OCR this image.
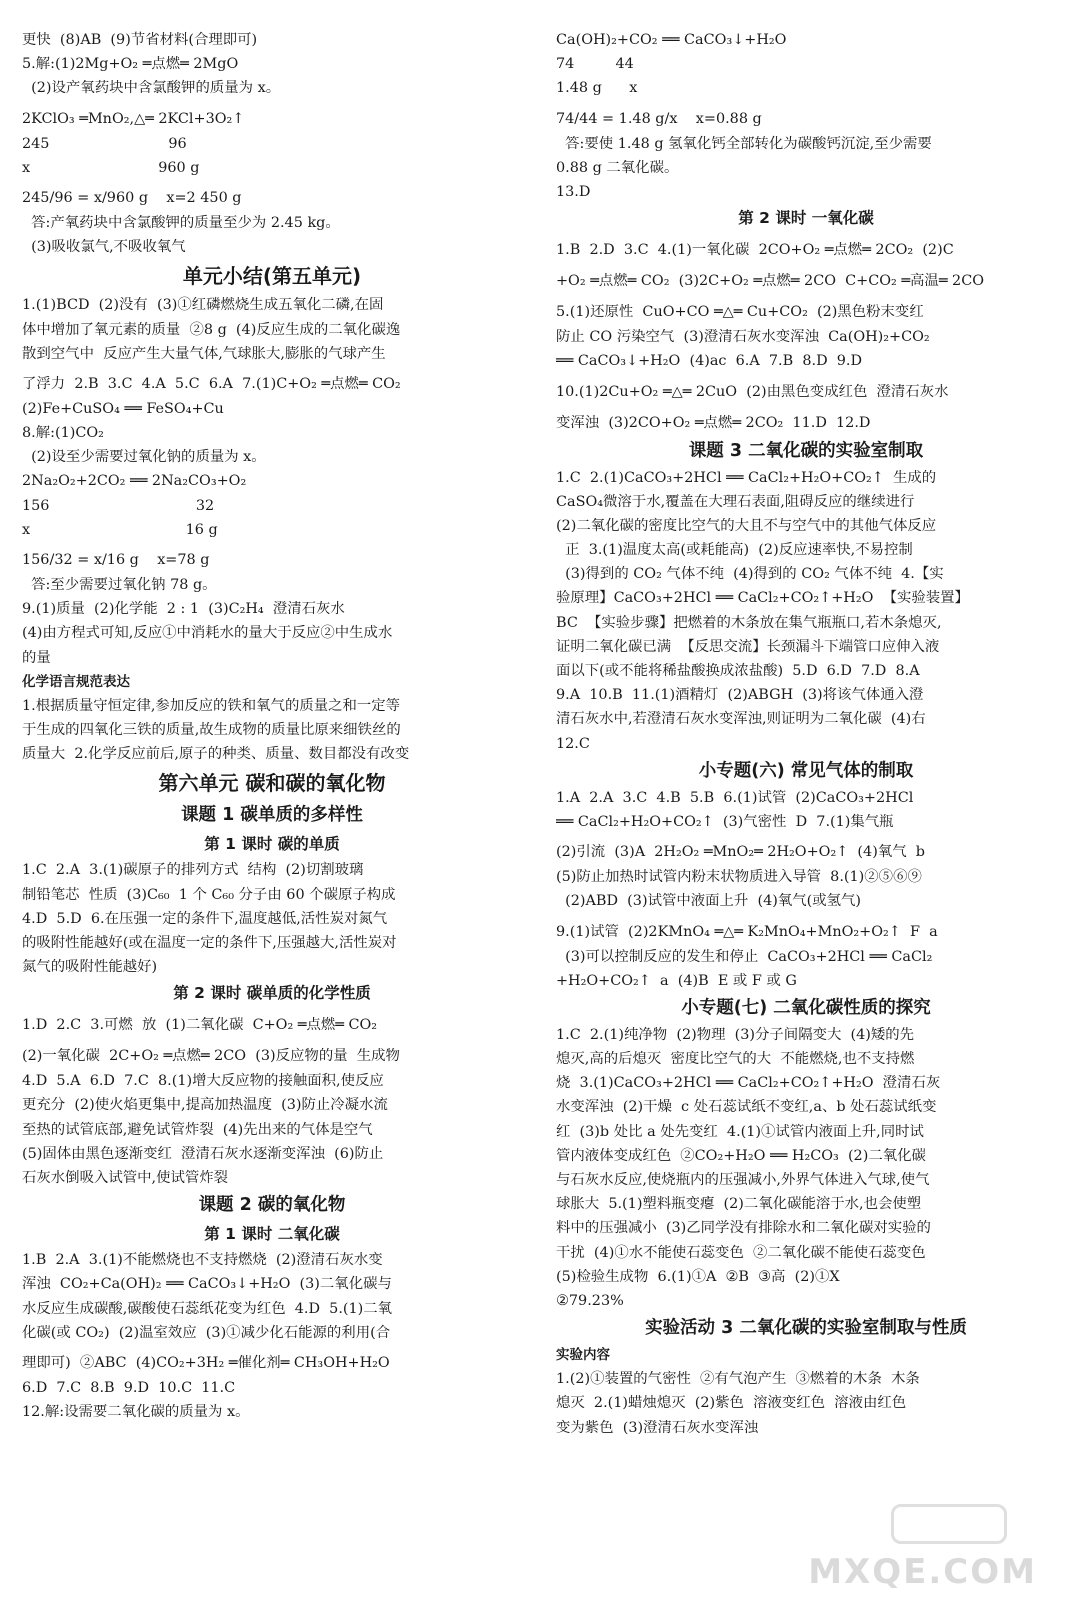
更快  (8)AB  (9)节省材料(合理即可)
5.解:(1)2Mg+O₂ ═点燃═ 2MgO
(2)设产氧药块中含氯酸钾的质量为 x。
2KClO₃ ═MnO₂,△═ 2KCl+3O₂↑
245                          96
x                            960 g
245/96 = x/960 g    x=2 450 g
答:产氧药块中含氯酸钾的质量至少为 2.45 kg。
(3)吸收氯气,不吸收氧气
单元小结(第五单元)
1.(1)BCD  (2)没有  (3)①红磷燃烧生成五氧化二磷,在固
体中增加了氧元素的质量  ②8 g  (4)反应生成的二氧化碳逸
散到空气中  反应产生大量气体,气球胀大,膨胀的气球产生
了浮力  2.B  3.C  4.A  5.C  6.A  7.(1)C+O₂ ═点燃═ CO₂
(2)Fe+CuSO₄ ══ FeSO₄+Cu
8.解:(1)CO₂
(2)设至少需要过氧化钠的质量为 x。
2Na₂O₂+2CO₂ ══ 2Na₂CO₃+O₂
156                                32
x                                  16 g
156/32 = x/16 g    x=78 g
答:至少需要过氧化钠 78 g。
9.(1)质量  (2)化学能  2 : 1  (3)C₂H₄  澄清石灰水
(4)由方程式可知,反应①中消耗水的量大于反应②中生成水
的量
化学语言规范表达
1.根据质量守恒定律,参加反应的铁和氧气的质量之和一定等
于生成的四氧化三铁的质量,故生成物的质量比原来细铁丝的
质量大  2.化学反应前后,原子的种类、质量、数目都没有改变
第六单元 碳和碳的氧化物
课题 1 碳单质的多样性
第 1 课时 碳的单质
1.C  2.A  3.(1)碳原子的排列方式  结构  (2)切割玻璃
制铅笔芯  性质  (3)C₆₀  1 个 C₆₀ 分子由 60 个碳原子构成
4.D  5.D  6.在压强一定的条件下,温度越低,活性炭对氮气
的吸附性能越好(或在温度一定的条件下,压强越大,活性炭对
氮气的吸附性能越好)
第 2 课时 碳单质的化学性质
1.D  2.C  3.可燃  放  (1)二氧化碳  C+O₂ ═点燃═ CO₂
(2)一氧化碳  2C+O₂ ═点燃═ 2CO  (3)反应物的量  生成物
4.D  5.A  6.D  7.C  8.(1)增大反应物的接触面积,使反应
更充分  (2)使火焰更集中,提高加热温度  (3)防止冷凝水流
至热的试管底部,避免试管炸裂  (4)先出来的气体是空气
(5)固体由黑色逐渐变红  澄清石灰水逐渐变浑浊  (6)防止
石灰水倒吸入试管中,使试管炸裂
课题 2 碳的氧化物
第 1 课时 二氧化碳
1.B  2.A  3.(1)不能燃烧也不支持燃烧  (2)澄清石灰水变
浑浊  CO₂+Ca(OH)₂ ══ CaCO₃↓+H₂O  (3)二氧化碳与
水反应生成碳酸,碳酸使石蕊纸花变为红色  4.D  5.(1)二氧
化碳(或 CO₂)  (2)温室效应  (3)①减少化石能源的利用(合
理即可)  ②ABC  (4)CO₂+3H₂ ═催化剂═ CH₃OH+H₂O
6.D  7.C  8.B  9.D  10.C  11.C
12.解:设需要二氧化碳的质量为 x。
Ca(OH)₂+CO₂ ══ CaCO₃↓+H₂O
74         44
1.48 g      x
74/44 = 1.48 g/x    x=0.88 g
答:要使 1.48 g 氢氧化钙全部转化为碳酸钙沉淀,至少需要
0.88 g 二氧化碳。
13.D
第 2 课时 一氧化碳
1.B  2.D  3.C  4.(1)一氧化碳  2CO+O₂ ═点燃═ 2CO₂  (2)C
+O₂ ═点燃═ CO₂  (3)2C+O₂ ═点燃═ 2CO  C+CO₂ ═高温═ 2CO
5.(1)还原性  CuO+CO ═△═ Cu+CO₂  (2)黑色粉末变红
防止 CO 污染空气  (3)澄清石灰水变浑浊  Ca(OH)₂+CO₂
══ CaCO₃↓+H₂O  (4)ac  6.A  7.B  8.D  9.D
10.(1)2Cu+O₂ ═△═ 2CuO  (2)由黑色变成红色  澄清石灰水
变浑浊  (3)2CO+O₂ ═点燃═ 2CO₂  11.D  12.D
课题 3 二氧化碳的实验室制取
1.C  2.(1)CaCO₃+2HCl ══ CaCl₂+H₂O+CO₂↑  生成的
CaSO₄微溶于水,覆盖在大理石表面,阻碍反应的继续进行
(2)二氧化碳的密度比空气的大且不与空气中的其他气体反应
正  3.(1)温度太高(或耗能高)  (2)反应速率快,不易控制
(3)得到的 CO₂ 气体不纯  (4)得到的 CO₂ 气体不纯  4.【实
验原理】CaCO₃+2HCl ══ CaCl₂+CO₂↑+H₂O  【实验装置】
BC  【实验步骤】把燃着的木条放在集气瓶瓶口,若木条熄灭,
证明二氧化碳已满  【反思交流】长颈漏斗下端管口应伸入液
面以下(或不能将稀盐酸换成浓盐酸)  5.D  6.D  7.D  8.A
9.A  10.B  11.(1)酒精灯  (2)ABGH  (3)将该气体通入澄
清石灰水中,若澄清石灰水变浑浊,则证明为二氧化碳  (4)右
12.C
小专题(六) 常见气体的制取
1.A  2.A  3.C  4.B  5.B  6.(1)试管  (2)CaCO₃+2HCl
══ CaCl₂+H₂O+CO₂↑  (3)气密性  D  7.(1)集气瓶
(2)引流  (3)A  2H₂O₂ ═MnO₂═ 2H₂O+O₂↑  (4)氧气  b
(5)防止加热时试管内粉末状物质进入导管  8.(1)②⑤⑥⑨
(2)ABD  (3)试管中液面上升  (4)氧气(或氢气)
9.(1)试管  (2)2KMnO₄ ═△═ K₂MnO₄+MnO₂+O₂↑  F  a
(3)可以控制反应的发生和停止  CaCO₃+2HCl ══ CaCl₂
+H₂O+CO₂↑  a  (4)B  E 或 F 或 G
小专题(七) 二氧化碳性质的探究
1.C  2.(1)纯净物  (2)物理  (3)分子间隔变大  (4)矮的先
熄灭,高的后熄灭  密度比空气的大  不能燃烧,也不支持燃
烧  3.(1)CaCO₃+2HCl ══ CaCl₂+CO₂↑+H₂O  澄清石灰
水变浑浊  (2)干燥  c 处石蕊试纸不变红,a、b 处石蕊试纸变
红  (3)b 处比 a 处先变红  4.(1)①试管内液面上升,同时试
管内液体变成红色  ②CO₂+H₂O ══ H₂CO₃  (2)二氧化碳
与石灰水反应,使烧瓶内的压强减小,外界气体进入气球,使气
球胀大  5.(1)塑料瓶变瘪  (2)二氧化碳能溶于水,也会使塑
料中的压强减小  (3)乙同学没有排除水和二氧化碳对实验的
干扰  (4)①水不能使石蕊变色  ②二氧化碳不能使石蕊变色
(5)检验生成物  6.(1)①A  ②B  ③高  (2)①X
②79.23%
实验活动 3 二氧化碳的实验室制取与性质
实验内容
1.(2)①装置的气密性  ②有气泡产生  ③燃着的木条  木条
熄灭  2.(1)蜡烛熄灭  (2)紫色  溶液变红色  溶液由红色
变为紫色  (3)澄清石灰水变浑浊
MXQE.COM
